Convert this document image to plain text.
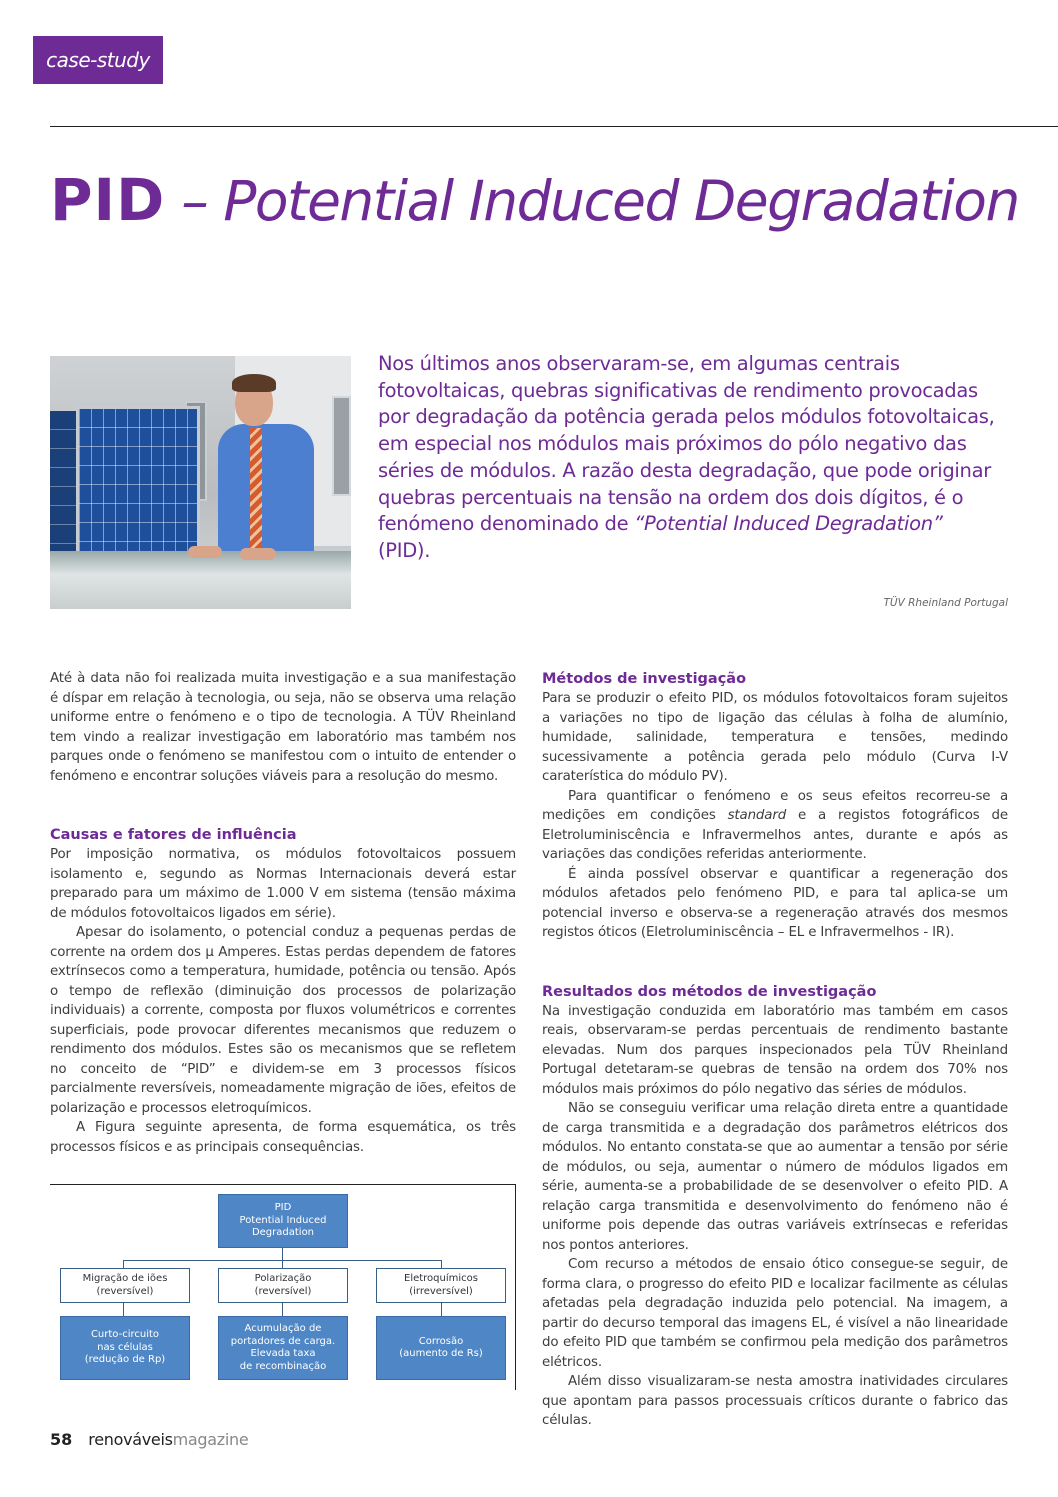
case-study
PID – Potential Induced Degradation

Nos últimos anos observaram-se, em algumas centrais fotovoltaicas, quebras significativas de rendimento provocadas por degradação da potência gerada pelos módulos fotovoltaicas, em especial nos módulos mais próximos do pólo negativo das séries de módulos. A razão desta degradação, que pode originar quebras percentuais na tensão na ordem dos dois dígitos, é o fenómeno denominado de “Potential Induced Degradation” (PID).

TÜV Rheinland Portugal

Até à data não foi realizada muita investigação e a sua manifestação é díspar em relação à tecnologia, ou seja, não se observa uma relação uniforme entre o fenómeno e o tipo de tecnologia. A TÜV Rheinland tem vindo a realizar investigação em laboratório mas também nos parques onde o fenómeno se manifestou com o intuito de entender o fenómeno e encontrar soluções viáveis para a resolução do mesmo.

Causas e fatores de influência

Por imposição normativa, os módulos fotovoltaicos possuem isolamento e, segundo as Normas Internacionais deverá estar preparado para um máximo de 1.000 V em sistema (tensão máxima de módulos fotovoltaicos ligados em série).

Apesar do isolamento, o potencial conduz a pequenas perdas de corrente na ordem dos µ Amperes. Estas perdas dependem de fatores extrínsecos como a temperatura, humidade, potência ou tensão. Após o tempo de reflexão (diminuição dos processos de polarização individuais) a corrente, composta por fluxos volumétricos e correntes superficiais, pode provocar diferentes mecanismos que reduzem o rendimento dos módulos. Estes são os mecanismos que se refletem no conceito de “PID” e dividem-se em 3 processos físicos parcialmente reversíveis, nomeadamente migração de iões, efeitos de polarização e processos eletroquímicos.

A Figura seguinte apresenta, de forma esquemática, os três processos físicos e as principais consequências.

PID
Potential Induced
Degradation
Migração de iões
(reversível)
Polarização
(reversível)
Eletroquímicos
(irreversível)
Curto-circuito
nas células
(redução de Rp)
Acumulação de
portadores de carga.
Elevada taxa
de recombinação
Corrosão
(aumento de Rs)
Métodos de investigação

Para se produzir o efeito PID, os módulos fotovoltaicos foram sujeitos a variações no tipo de ligação das células à folha de alumínio, humidade, salinidade, temperatura e tensões, medindo sucessivamente a potência gerada pelo módulo (Curva I-V caraterística do módulo PV).

Para quantificar o fenómeno e os seus efeitos recorreu-se a medições em condições standard e a registos fotográficos de Eletroluminiscência e Infravermelhos antes, durante e após as variações das condições referidas anteriormente.

É ainda possível observar e quantificar a regeneração dos módulos afetados pelo fenómeno PID, e para tal aplica-se um potencial inverso e observa-se a regeneração através dos mesmos registos óticos (Eletroluminiscência – EL e Infravermelhos - IR).

Resultados dos métodos de investigação

Na investigação conduzida em laboratório mas também em casos reais, observaram-se perdas percentuais de rendimento bastante elevadas. Num dos parques inspecionados pela TÜV Rheinland Portugal detetaram-se quebras de tensão na ordem dos 70% nos módulos mais próximos do pólo negativo das séries de módulos.

Não se conseguiu verificar uma relação direta entre a quantidade de carga transmitida e a degradação dos parâmetros elétricos dos módulos. No entanto constata-se que ao aumentar a tensão por série de módulos, ou seja, aumentar o número de módulos ligados em série, aumenta-se a probabilidade de se desenvolver o efeito PID. A relação carga transmitida e desenvolvimento do fenómeno não é uniforme pois depende das outras variáveis extrínsecas e referidas nos pontos anteriores.

Com recurso a métodos de ensaio ótico consegue-se seguir, de forma clara, o progresso do efeito PID e localizar facilmente as células afetadas pela degradação induzida pelo potencial. Na imagem, a partir do decurso temporal das imagens EL, é visível a não linearidade do efeito PID que também se confirmou pela medição dos parâmetros elétricos.

Além disso visualizaram-se nesta amostra inatividades circulares que apontam para passos processuais críticos durante o fabrico das células.

58 renováveismagazine
